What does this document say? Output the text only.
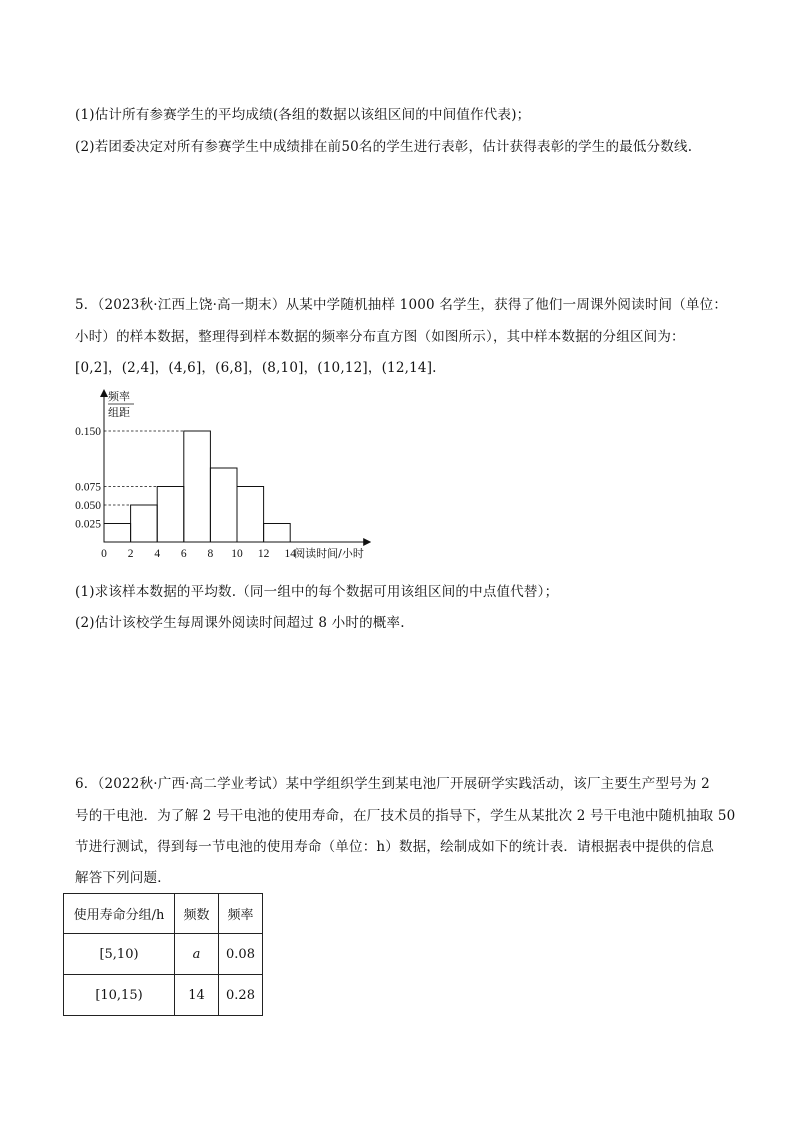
(1)估计所有参赛学生的平均成绩(各组的数据以该组区间的中间值作代表)；
(2)若团委决定对所有参赛学生中成绩排在前50名的学生进行表彰，估计获得表彰的学生的最低分数线.
5．（2023秋·江西上饶·高一期末）从某中学随机抽样 1000 名学生，获得了他们一周课外阅读时间（单位：
小时）的样本数据，整理得到样本数据的频率分布直方图（如图所示），其中样本数据的分组区间为：
[0,2]，(2,4]，(4,6]，(6,8]，(8,10]，(10,12]，(12,14].
0.025
0.050
0.075
0.150
0 2 4 6 8 10 12 14
阅读时间/小时
频率
组距
(1)求该样本数据的平均数.（同一组中的每个数据可用该组区间的中点值代替）；
(2)估计该校学生每周课外阅读时间超过 8 小时的概率.
6．（2022秋·广西·高二学业考试）某中学组织学生到某电池厂开展研学实践活动，该厂主要生产型号为 2
号的干电池．为了解 2 号干电池的使用寿命，在厂技术员的指导下，学生从某批次 2 号干电池中随机抽取 50
节进行测试，得到每一节电池的使用寿命（单位：h）数据，绘制成如下的统计表．请根据表中提供的信息
解答下列问题．
使用寿命分组/h	频数	频率
[5,10)	a	0.08
[10,15)	14	0.28
